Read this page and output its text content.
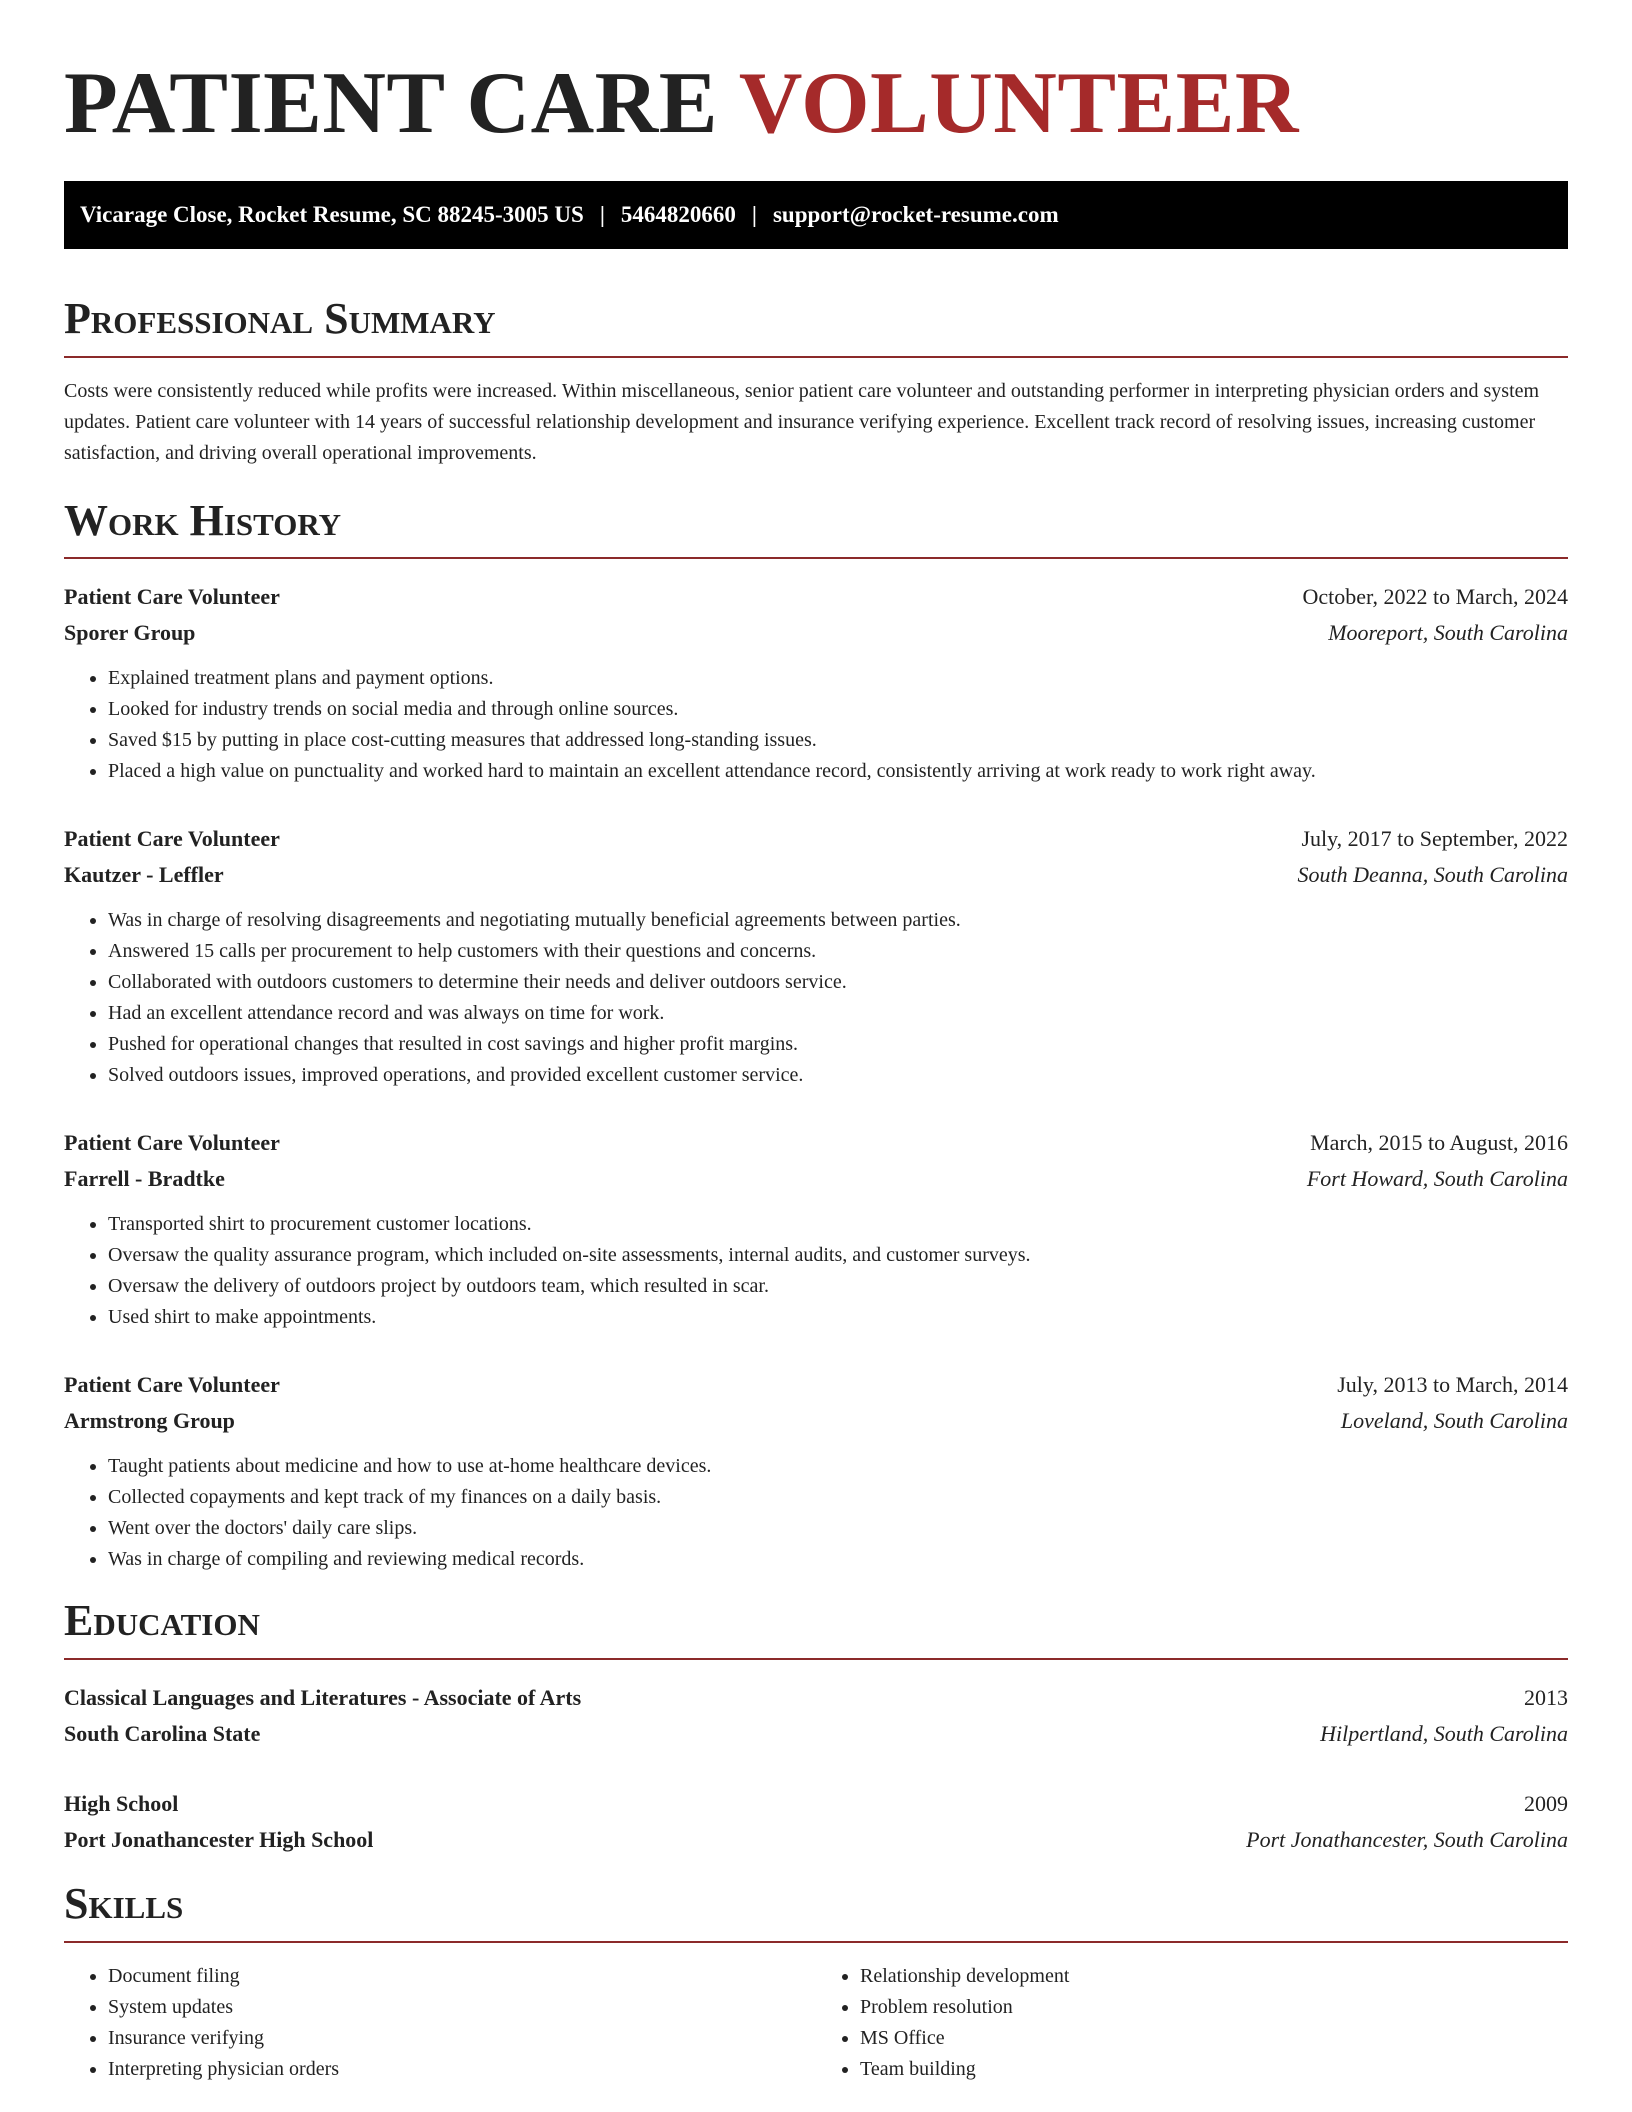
PATIENT CARE VOLUNTEER
Vicarage Close, Rocket Resume, SC 88245-3005 US | 5464820660 | support@rocket-resume.com
Professional Summary

Costs were consistently reduced while profits were increased. Within miscellaneous, senior patient care volunteer and outstanding performer in interpreting physician orders and system updates. Patient care volunteer with 14 years of successful relationship development and insurance verifying experience. Excellent track record of resolving issues, increasing customer satisfaction, and driving overall operational improvements.

Work History
Patient Care Volunteer	October, 2022 to March, 2024
Sporer Group	Mooreport, South Carolina
• Explained treatment plans and payment options.
• Looked for industry trends on social media and through online sources.
• Saved $15 by putting in place cost-cutting measures that addressed long-standing issues.
• Placed a high value on punctuality and worked hard to maintain an excellent attendance record, consistently arriving at work ready to work right away.
Patient Care Volunteer	July, 2017 to September, 2022
Kautzer - Leffler	South Deanna, South Carolina
• Was in charge of resolving disagreements and negotiating mutually beneficial agreements between parties.
• Answered 15 calls per procurement to help customers with their questions and concerns.
• Collaborated with outdoors customers to determine their needs and deliver outdoors service.
• Had an excellent attendance record and was always on time for work.
• Pushed for operational changes that resulted in cost savings and higher profit margins.
• Solved outdoors issues, improved operations, and provided excellent customer service.
Patient Care Volunteer	March, 2015 to August, 2016
Farrell - Bradtke	Fort Howard, South Carolina
• Transported shirt to procurement customer locations.
• Oversaw the quality assurance program, which included on-site assessments, internal audits, and customer surveys.
• Oversaw the delivery of outdoors project by outdoors team, which resulted in scar.
• Used shirt to make appointments.
Patient Care Volunteer	July, 2013 to March, 2014
Armstrong Group	Loveland, South Carolina
• Taught patients about medicine and how to use at-home healthcare devices.
• Collected copayments and kept track of my finances on a daily basis.
• Went over the doctors' daily care slips.
• Was in charge of compiling and reviewing medical records.
Education
Classical Languages and Literatures - Associate of Arts	2013
South Carolina State	Hilpertland, South Carolina
High School	2009
Port Jonathancester High School	Port Jonathancester, South Carolina
Skills
• Document filing
• System updates
• Insurance verifying
• Interpreting physician orders
• Relationship development
• Problem resolution
• MS Office
• Team building
